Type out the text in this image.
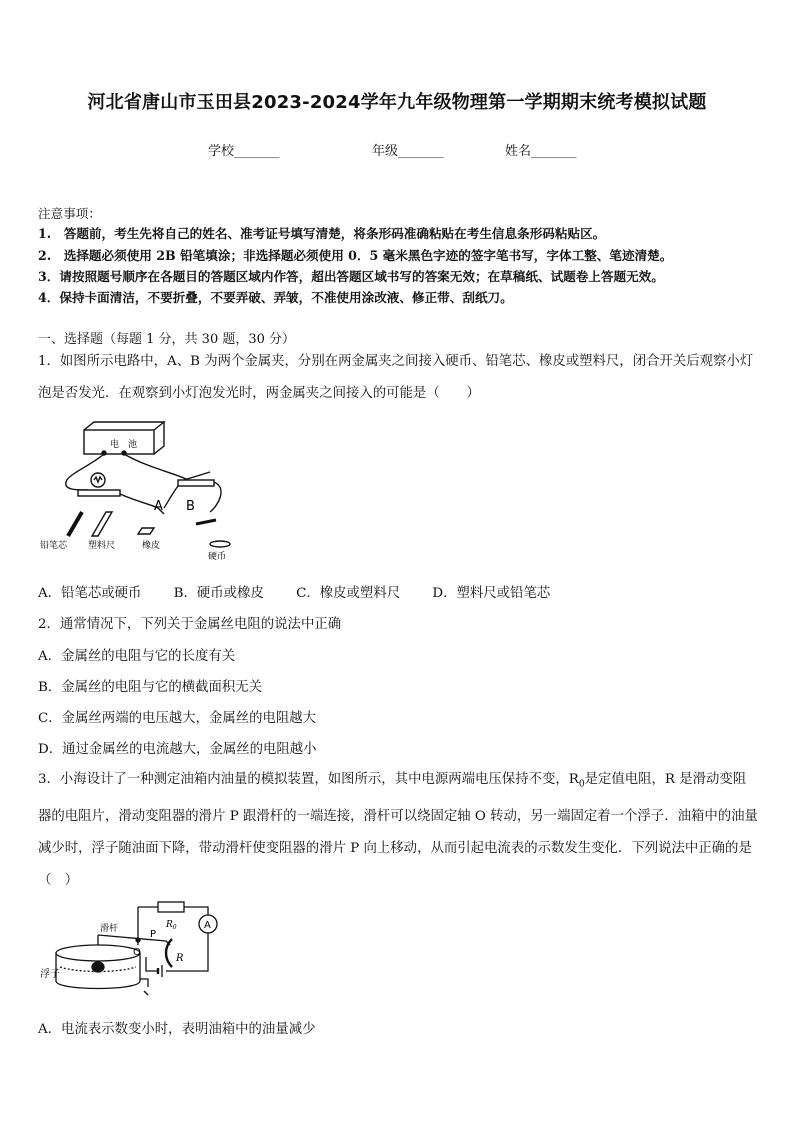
河北省唐山市玉田县2023-2024学年九年级物理第一学期期末统考模拟试题
学校_______	年级_______	姓名_______
注意事项：
1.　答题前，考生先将自己的姓名、准考证号填写清楚，将条形码准确粘贴在考生信息条形码粘贴区。
2.　选择题必须使用 2B 铅笔填涂；非选择题必须使用 0．5 毫米黑色字迹的签字笔书写，字体工整、笔迹清楚。
3．请按照题号顺序在各题目的答题区域内作答，超出答题区域书写的答案无效；在草稿纸、试题卷上答题无效。
4．保持卡面清洁，不要折叠，不要弄破、弄皱，不准使用涂改液、修正带、刮纸刀。
一、选择题（每题 1 分，共 30 题，30 分）
1．如图所示电路中，A、B 为两个金属夹，分别在两金属夹之间接入硬币、铅笔芯、橡皮或塑料尺，闭合开关后观察小灯泡是否发光．在观察到小灯泡发光时，两金属夹之间接入的可能是（　　）
电　池
A B
铅笔芯 塑料尺	橡皮
硬币
A．铅笔芯或硬币 B．硬币或橡皮 C．橡皮或塑料尺 D．塑料尺或铅笔芯
2．通常情况下，下列关于金属丝电阻的说法中正确
A．金属丝的电阻与它的长度有关
B．金属丝的电阻与它的横截面积无关
C．金属丝两端的电压越大，金属丝的电阻越大
D．通过金属丝的电流越大，金属丝的电阻越小
3．小海设计了一种测定油箱内油量的模拟装置，如图所示，其中电源两端电压保持不变，$R_0$是定值电阻，R 是滑动变阻器的电阻片，滑动变阻器的滑片 P 跟滑杆的一端连接，滑杆可以绕固定轴 O 转动，另一端固定着一个浮子．油箱中的油量减少时，浮子随油面下降，带动滑杆使变阻器的滑片 P 向上移动，从而引起电流表的示数发生变化．下列说法中正确的是（　）
浮子
滑杆	P
O
$R_0$
R
A
A．电流表示数变小时，表明油箱中的油量减少
